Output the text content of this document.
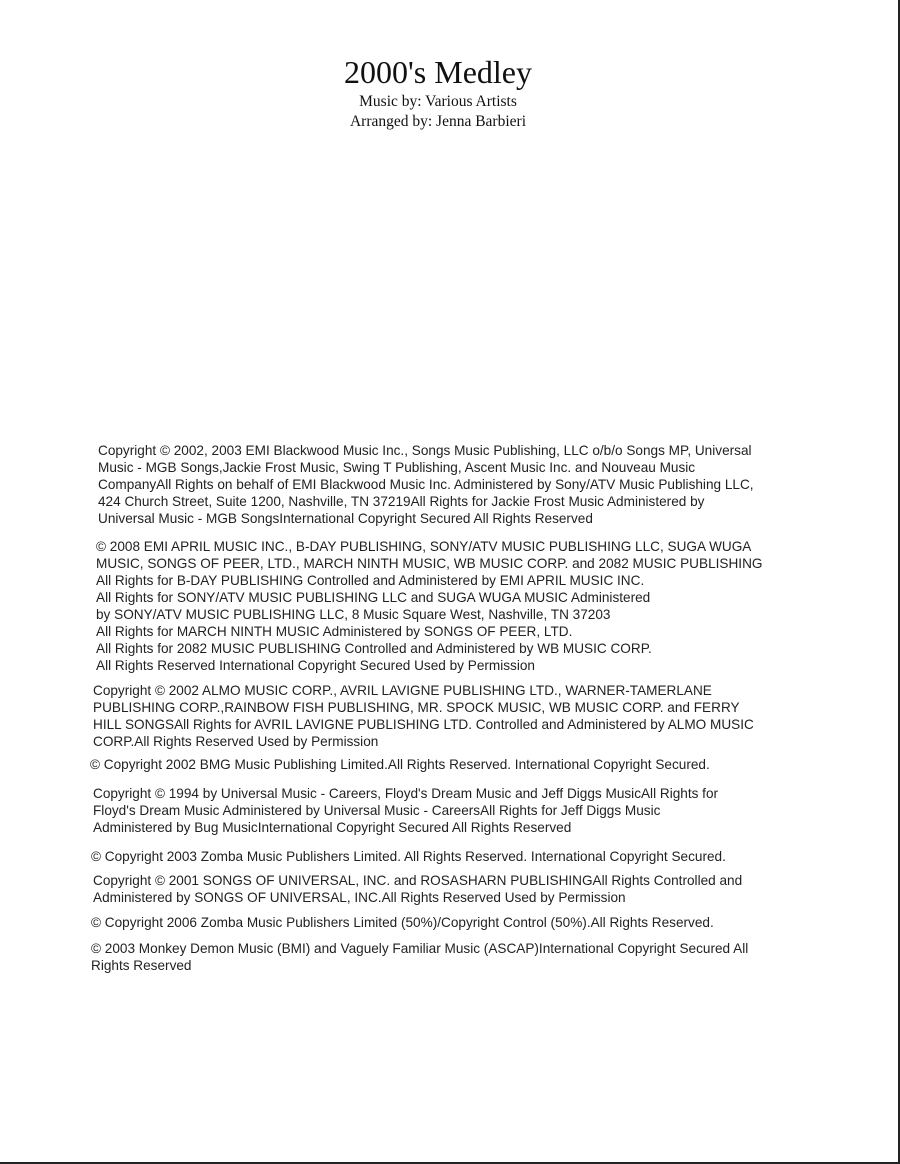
2000's Medley
Music by: Various Artists
Arranged by: Jenna Barbieri

Copyright © 2002, 2003 EMI Blackwood Music Inc., Songs Music Publishing, LLC o/b/o Songs MP, Universal
Music - MGB Songs,Jackie Frost Music, Swing T Publishing, Ascent Music Inc. and Nouveau Music
CompanyAll Rights on behalf of EMI Blackwood Music Inc. Administered by Sony/ATV Music Publishing LLC,
424 Church Street, Suite 1200, Nashville, TN 37219All Rights for Jackie Frost Music Administered by
Universal Music - MGB SongsInternational Copyright Secured All Rights Reserved

© 2008 EMI APRIL MUSIC INC., B-DAY PUBLISHING, SONY/ATV MUSIC PUBLISHING LLC, SUGA WUGA
MUSIC, SONGS OF PEER, LTD., MARCH NINTH MUSIC, WB MUSIC CORP. and 2082 MUSIC PUBLISHING
All Rights for B-DAY PUBLISHING Controlled and Administered by EMI APRIL MUSIC INC.
All Rights for SONY/ATV MUSIC PUBLISHING LLC and SUGA WUGA MUSIC Administered
by SONY/ATV MUSIC PUBLISHING LLC, 8 Music Square West, Nashville, TN 37203
All Rights for MARCH NINTH MUSIC Administered by SONGS OF PEER, LTD.
All Rights for 2082 MUSIC PUBLISHING Controlled and Administered by WB MUSIC CORP.
All Rights Reserved International Copyright Secured Used by Permission

Copyright © 2002 ALMO MUSIC CORP., AVRIL LAVIGNE PUBLISHING LTD., WARNER-TAMERLANE
PUBLISHING CORP.,RAINBOW FISH PUBLISHING, MR. SPOCK MUSIC, WB MUSIC CORP. and FERRY
HILL SONGSAll Rights for AVRIL LAVIGNE PUBLISHING LTD. Controlled and Administered by ALMO MUSIC
CORP.All Rights Reserved Used by Permission

© Copyright 2002 BMG Music Publishing Limited.All Rights Reserved. International Copyright Secured.

Copyright © 1994 by Universal Music - Careers, Floyd's Dream Music and Jeff Diggs MusicAll Rights for
Floyd's Dream Music Administered by Universal Music - CareersAll Rights for Jeff Diggs Music
Administered by Bug MusicInternational Copyright Secured All Rights Reserved

© Copyright 2003 Zomba Music Publishers Limited. All Rights Reserved. International Copyright Secured.

Copyright © 2001 SONGS OF UNIVERSAL, INC. and ROSASHARN PUBLISHINGAll Rights Controlled and
Administered by SONGS OF UNIVERSAL, INC.All Rights Reserved Used by Permission

© Copyright 2006 Zomba Music Publishers Limited (50%)/Copyright Control (50%).All Rights Reserved.

© 2003 Monkey Demon Music (BMI) and Vaguely Familiar Music (ASCAP)International Copyright Secured All
Rights Reserved
